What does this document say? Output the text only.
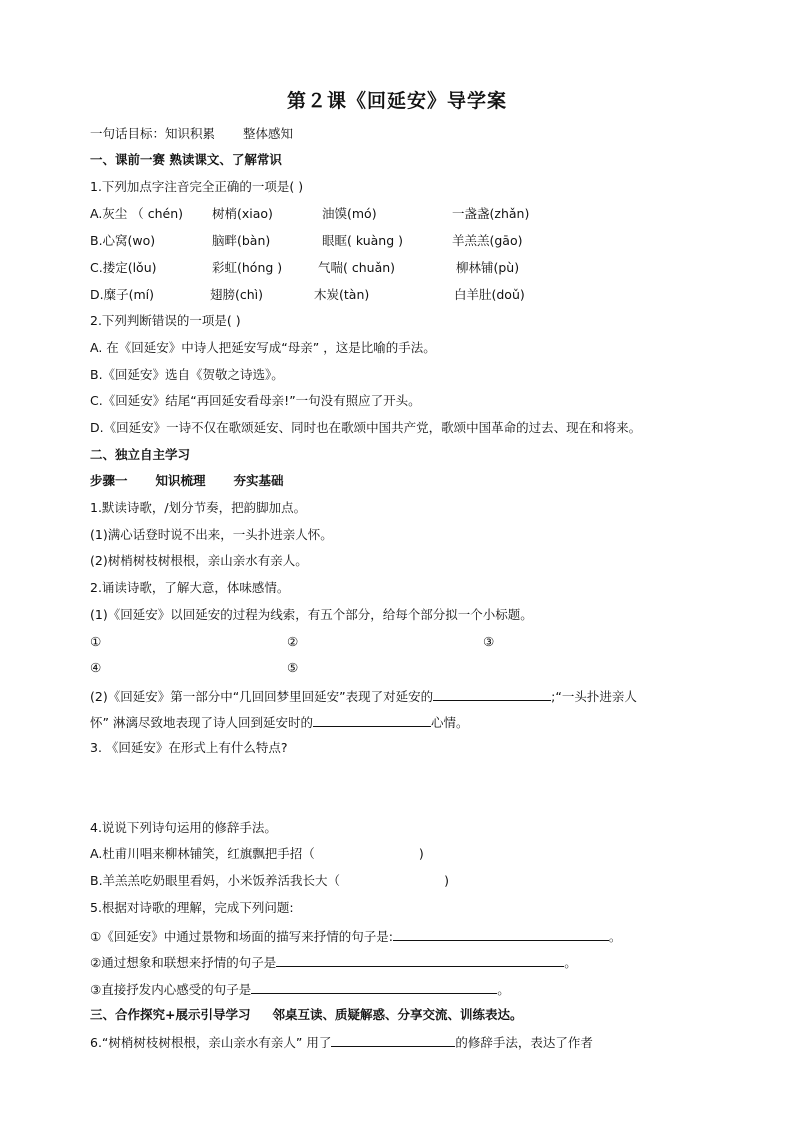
第２课《回延安》导学案
一句话目标：知识积累 整体感知
一、课前一赛 熟读课文、了解常识
1.下列加点字注音完全正确的一项是( )
A.灰尘 （ chén) 树梢(xiao)	油馍(mó)	一盏盏(zhǎn)
B.心窝(wo)	脑畔(bàn)	眼眶( kuàng )	羊羔羔(gāo)
C.搂定(lǒu)	彩虹(hóng )	气喘( chuǎn)	柳林铺(pù)
D.糜子(mí)	翅膀(chì)	木炭(tàn)	白羊肚(doǔ)
2.下列判断错误的一项是( )
A. 在《回延安》中诗人把延安写成“母亲” ，这是比喻的手法。
B.《回延安》选自《贺敬之诗选》。
C.《回延安》结尾“再回延安看母亲!”一句没有照应了开头。
D.《回延安》一诗不仅在歌颂延安、同时也在歌颂中国共产党，歌颂中国革命的过去、现在和将来。
二、独立自主学习
步骤一 知识梳理 夯实基础
1.默读诗歌，/划分节奏，把韵脚加点。
(1)满心话登时说不出来，一头扑进亲人怀。
(2)树梢树枝树根根，亲山亲水有亲人。
2.诵读诗歌，了解大意，体味感情。
(1)《回延安》以回延安的过程为线索，有五个部分，给每个部分拟一个小标题。
①	②	③
④	⑤
(2)《回延安》第一部分中“几回回梦里回延安”表现了对延安的	;“一头扑进亲人
怀” 淋漓尽致地表现了诗人回到延安时的	心情。
3. 《回延安》在形式上有什么特点?
4.说说下列诗句运用的修辞手法。
A.杜甫川唱来柳林铺笑，红旗飘把手招（	)
B.羊羔羔吃奶眼里看妈，小米饭养活我长大（	)
5.根据对诗歌的理解，完成下列问题:
①《回延安》中通过景物和场面的描写来抒情的句子是:	。
②通过想象和联想来抒情的句子是	。
③直接抒发内心感受的句子是	。
三、合作探究+展示引导学习 邻桌互读、质疑解惑、分享交流、训练表达。
6.“树梢树枝树根根，亲山亲水有亲人” 用了	的修辞手法，表达了作者
